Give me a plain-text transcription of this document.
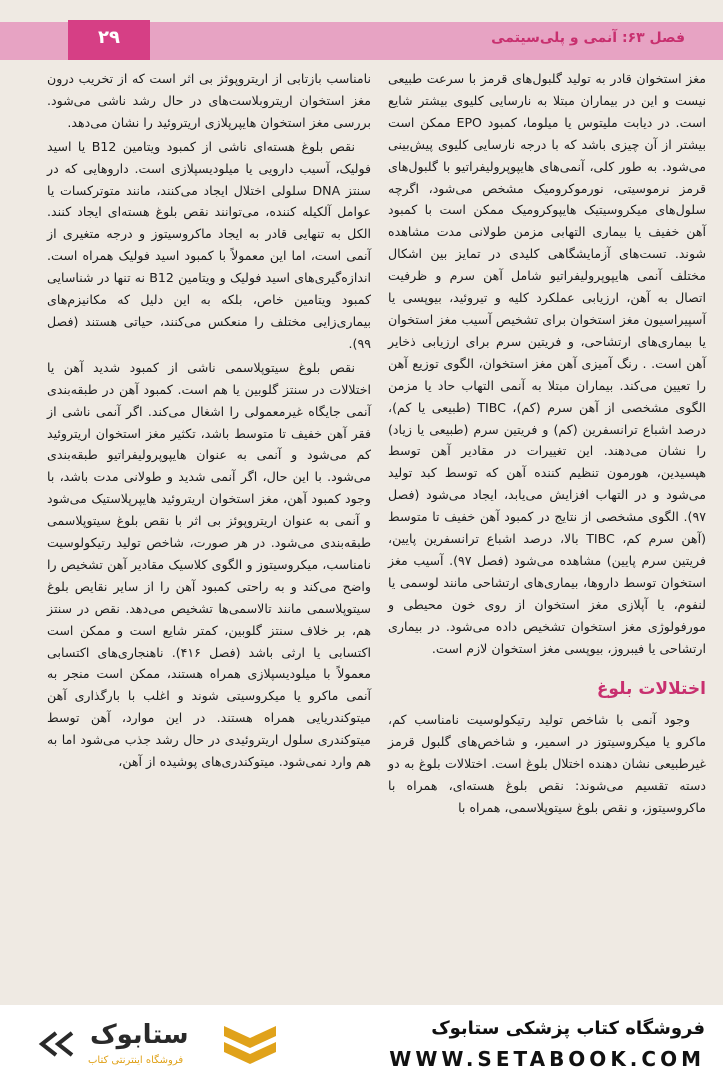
۲۹	فصل ۶۳: آنمی و پلی‌سیتمی

مغز استخوان قادر به تولید گلبول‌های قرمز با سرعت طبیعی نیست و این در بیماران مبتلا به نارسایی کلیوی بیشتر شایع است. در دیابت ملیتوس یا میلوما، کمبود EPO ممکن است بیشتر از آن چیزی باشد که با درجه نارسایی کلیوی پیش‌بینی می‌شود. به طور کلی، آنمی‌های هایپوپرولیفراتیو با گلبول‌های قرمز نرموسیتی، نورموکرومیک مشخص می‌شود، اگرچه سلول‌های میکروسیتیک هایپوکرومیک ممکن است با کمبود آهن خفیف یا بیماری التهابی مزمن طولانی مدت مشاهده شوند. تست‌های آزمایشگاهی کلیدی در تمایز بین اشکال مختلف آنمی هایپوپرولیفراتیو شامل آهن سرم و ظرفیت اتصال به آهن، ارزیابی عملکرد کلیه و تیروئید، بیوپسی یا آسپیراسیون مغز استخوان برای تشخیص آسیب مغز استخوان یا بیماری‌های ارتشاحی، و فریتین سرم برای ارزیابی ذخایر آهن است. . رنگ آمیزی آهن مغز استخوان، الگوی توزیع آهن را تعیین می‌کند. بیماران مبتلا به آنمی التهاب حاد یا مزمن الگوی مشخصی از آهن سرم (کم)، TIBC (طبیعی یا کم)، درصد اشباع ترانسفرین (کم) و فریتین سرم (طبیعی یا زیاد) را نشان می‌دهند. این تغییرات در مقادیر آهن توسط هپسیدین، هورمون تنظیم کننده آهن که توسط کبد تولید می‌شود و در التهاب افزایش می‌یابد، ایجاد می‌شود (فصل ۹۷). الگوی مشخصی از نتایج در کمبود آهن خفیف تا متوسط (آهن سرم کم، TIBC بالا، درصد اشباع ترانسفرین پایین، فریتین سرم پایین) مشاهده می‌شود (فصل ۹۷). آسیب مغز استخوان توسط داروها، بیماری‌های ارتشاحی مانند لوسمی یا لنفوم، یا آپلازی مغز استخوان از روی خون محیطی و مورفولوژی مغز استخوان تشخیص داده می‌شود. در بیماری ارتشاحی یا فیبروز، بیوپسی مغز استخوان لازم است.

اختلالات بلوغ

وجود آنمی با شاخص تولید رتیکولوسیت نامناسب کم، ماکرو یا میکروسیتوز در اسمیر، و شاخص‌های گلبول قرمز غیرطبیعی نشان دهنده اختلال بلوغ است. اختلالات بلوغ به دو دسته تقسیم می‌شوند: نقص بلوغ هسته‌ای، همراه با ماکروسیتوز، و نقص بلوغ سیتوپلاسمی، همراه با

نامناسب بازتابی از اریتروپوئز بی اثر است که از تخریب درون مغز استخوان اریتروبلاست‌های در حال رشد ناشی می‌شود. بررسی مغز استخوان هایپرپلازی اریتروئید را نشان می‌دهد.

نقص بلوغ هسته‌ای ناشی از کمبود ویتامین B12 یا اسید فولیک، آسیب دارویی یا میلودیسپلازی است. داروهایی که در سنتز DNA سلولی اختلال ایجاد می‌کنند، مانند متوترکسات یا عوامل آلکیله کننده، می‌توانند نقص بلوغ هسته‌ای ایجاد کنند. الکل به تنهایی قادر به ایجاد ماکروسیتوز و درجه متغیری از آنمی است، اما این معمولاً با کمبود اسید فولیک همراه است. اندازه‌گیری‌های اسید فولیک و ویتامین B12 نه تنها در شناسایی کمبود ویتامین خاص، بلکه به این دلیل که مکانیزم‌های بیماری‌زایی مختلف را منعکس می‌کنند، حیاتی هستند (فصل ۹۹).

نقص بلوغ سیتوپلاسمی ناشی از کمبود شدید آهن یا اختلالات در سنتز گلوبین یا هم است. کمبود آهن در طبقه‌بندی آنمی جایگاه غیرمعمولی را اشغال می‌کند. اگر آنمی ناشی از فقر آهن خفیف تا متوسط باشد، تکثیر مغز استخوان اریتروئید کم می‌شود و آنمی به عنوان هایپوپرولیفراتیو طبقه‌بندی می‌شود. با این حال، اگر آنمی شدید و طولانی مدت باشد، با وجود کمبود آهن، مغز استخوان اریتروئید هایپرپلاستیک می‌شود و آنمی به عنوان اریتروپوئز بی اثر با نقص بلوغ سیتوپلاسمی طبقه‌بندی می‌شود. در هر صورت، شاخص تولید رتیکولوسیت نامناسب، میکروسیتوز و الگوی کلاسیک مقادیر آهن تشخیص را واضح می‌کند و به راحتی کمبود آهن را از سایر نقایص بلوغ سیتوپلاسمی مانند تالاسمی‌ها تشخیص می‌دهد. نقص در سنتز هم، بر خلاف سنتز گلوبین، کمتر شایع است و ممکن است اکتسابی یا ارثی باشد (فصل ۴۱۶). ناهنجاری‌های اکتسابی معمولاً با میلودیسپلازی همراه هستند، ممکن است منجر به آنمی ماکرو یا میکروسیتی شوند و اغلب با بارگذاری آهن میتوکندریایی همراه هستند. در این موارد، آهن توسط میتوکندری سلول اریتروئیدی در حال رشد جذب می‌شود اما به هم وارد نمی‌شود. میتوکندری‌های پوشیده از آهن،

فروشگاه کتاب پزشکی ستابوک
WWW.SETABOOK.COM
ستابوک
فروشگاه اینترنتی کتاب
